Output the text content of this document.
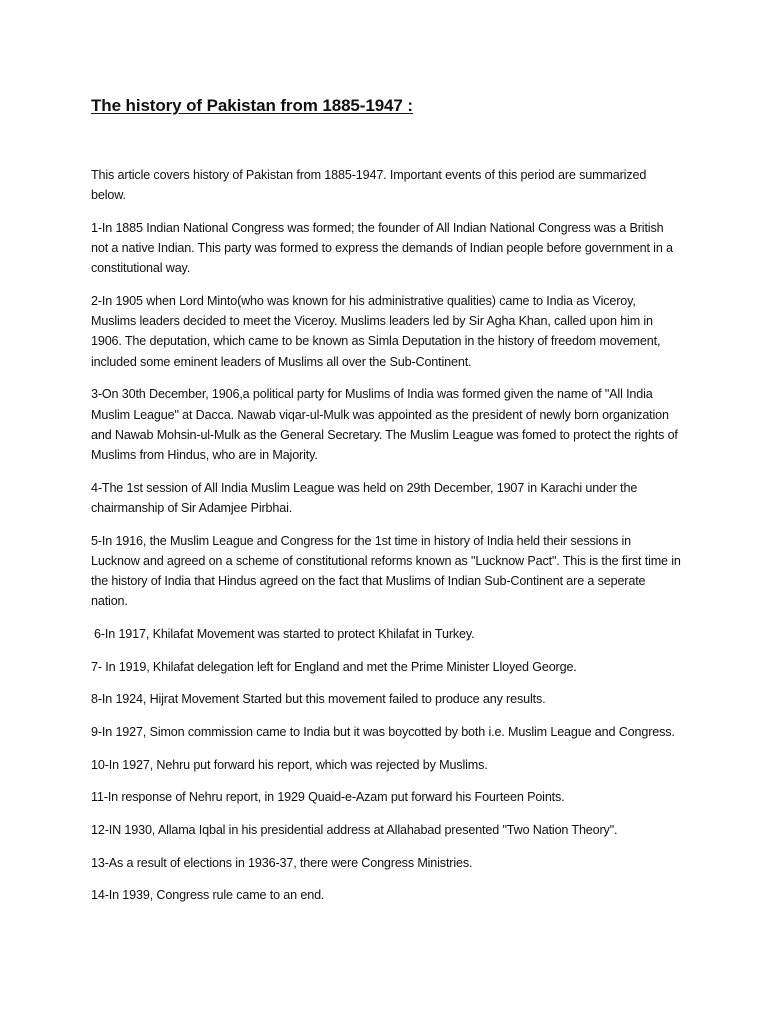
The history of Pakistan from 1885-1947 :

This article covers history of Pakistan from 1885-1947. Important events of this period are summarized below.

1-In 1885 Indian National Congress was formed; the founder of All Indian National Congress was a British not a native Indian. This party was formed to express the demands of Indian people before government in a constitutional way.

2-In 1905 when Lord Minto(who was known for his administrative qualities) came to India as Viceroy, Muslims leaders decided to meet the Viceroy. Muslims leaders led by Sir Agha Khan, called upon him in 1906. The deputation, which came to be known as Simla Deputation in the history of freedom movement, included some eminent leaders of Muslims all over the Sub-Continent.

3-On 30th December, 1906,a political party for Muslims of India was formed given the name of "All India Muslim League" at Dacca. Nawab viqar-ul-Mulk was appointed as the president of newly born organization and Nawab Mohsin-ul-Mulk as the General Secretary. The Muslim League was fomed to protect the rights of Muslims from Hindus, who are in Majority.

4-The 1st session of All India Muslim League was held on 29th December, 1907 in Karachi under the chairmanship of Sir Adamjee Pirbhai.

5-In 1916, the Muslim League and Congress for the 1st time in history of India held their sessions in Lucknow and agreed on a scheme of constitutional reforms known as "Lucknow Pact". This is the first time in the history of India that Hindus agreed on the fact that Muslims of Indian Sub-Continent are a seperate nation.

6-In 1917, Khilafat Movement was started to protect Khilafat in Turkey.

7- In 1919, Khilafat delegation left for England and met the Prime Minister Lloyed George.

8-In 1924, Hijrat Movement Started but this movement failed to produce any results.

9-In 1927, Simon commission came to India but it was boycotted by both i.e. Muslim League and Congress.

10-In 1927, Nehru put forward his report, which was rejected by Muslims.

11-In response of Nehru report, in 1929 Quaid-e-Azam put forward his Fourteen Points.

12-IN 1930, Allama Iqbal in his presidential address at Allahabad presented "Two Nation Theory".

13-As a result of elections in 1936-37, there were Congress Ministries.

14-In 1939, Congress rule came to an end.
